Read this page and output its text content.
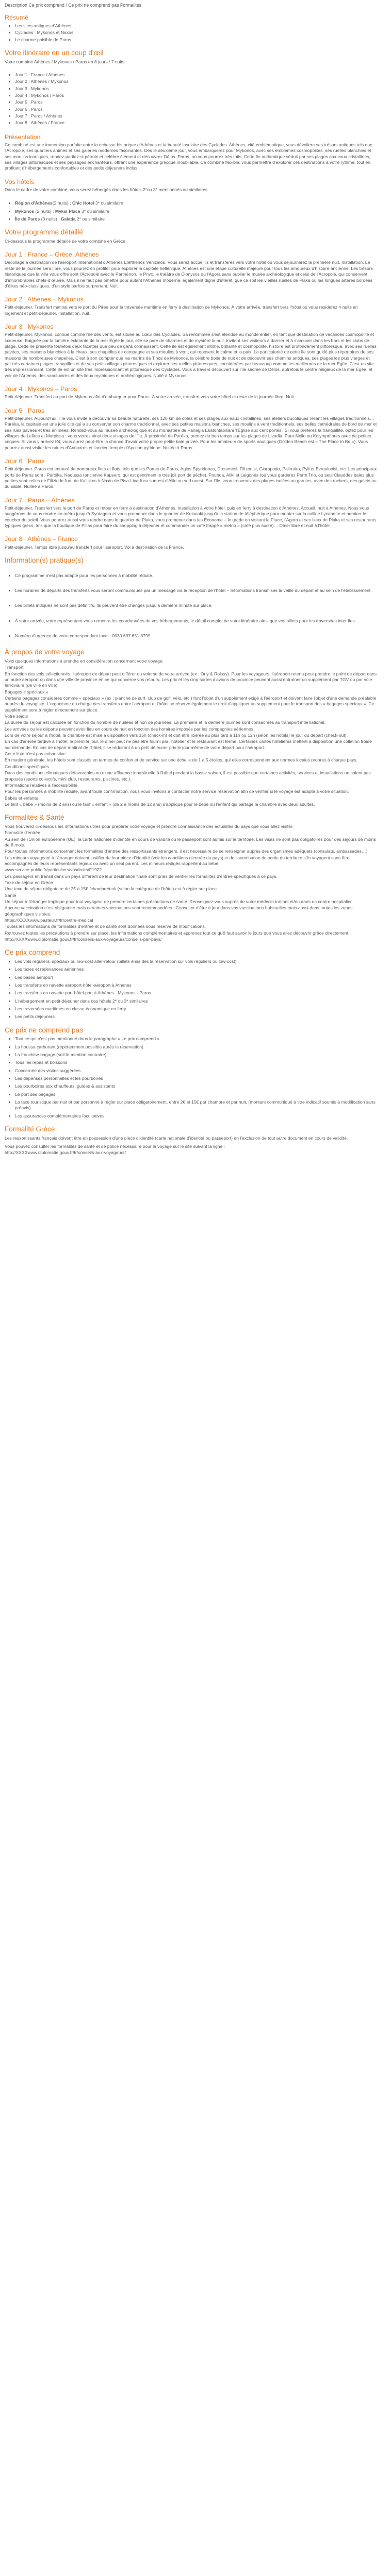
Description Ce prix comprend / Ce prix ne comprend pas Formalités
Résumé
• Les sites antiques d'Athènes
• Cyclades : Mykonos et Naxos
• Le charme paisible de Paros
Votre itinéraire en un coup d'œil

Votre combiné Athènes / Mykonos / Paros en 8 jours / 7 nuits :

• Jour 1 : France / Athènes
• Jour 2 : Athènes / Mykonos
• Jour 3 : Mykonos
• Jour 4 : Mykonos / Paros
• Jour 5 : Paros
• Jour 6 : Paros
• Jour 7 : Paros / Athènes
• Jour 8 : Athènes / France
Présentation

Ce combiné est une immersion parfaite entre la richesse historique d'Athènes et la beauté insulaire des Cyclades. Athènes, cité emblématique, vous dévoilera ses trésors antiques tels que l'Acropole, ses quartiers animés et ses galeries modernes fascinantes. Dès le deuxième jour, vous embarquerez pour Mykonos, avec ses emblèmes cosmopolites, ses ruelles blanchies et ses moulins iconiques, rendez-partiez-si pétrole et célébré élément et découvrez Délos. Paros, où vous pourrez très toits. Cette île authentique séduit par ses plages aux eaux cristallines, ses villages pittoresques et ses paysages enchanteurs, offrant une expérience grecque inoubliable. Ce combiné flexible, vous permettra d'explorer ces destinations à votre rythme, tout en profitant d'hébergements confortables et des petits déjeuners inclus.

Vos hôtels

Dans le cadre de votre combiné, vous serez hébergés dans les hôtels 2*ou 3* mentionnés au similaires.

• Région d'Athènes(2 nuits) : Chic Hotel 3* ou similaire
• Mykonos (2 nuits) : Mykis Place 3* ou similaire
• Île de Paros (3 nuits) : Galatia 2* ou similaire
Votre programme détaillé

Ci-dessous le programme détaillé de votre combiné en Grèce

Jour 1 : France – Grèce, Athènes

Décollage à destination de l'aéroport international d'Athènes Eleftherios Venizelos. Vous serez accueillis et transférés vers votre hôtel où vous séjournerez la première nuit. Installation. Le reste de la journée sera libre, vous pourrez en profiter pour explorer la capitale hellénique. Athènes est une étape culturelle majeure pour tous les amoureux d'histoire ancienne. Les trésors historiques que la ville vous offre sont l'Acropole avec le Parthénon, le Pnyx, le théâtre de Dionysos ou l'Agora sans oublier le musée archéologique et celui de l'Acropole, qui conservent d'innombrables chefs-d'œuvre. Mais il ne faut pas omettre pour autant l'Athènes moderne, également digne d'intérêt, que ce soit les vieilles ruelles de Plaka ou les longues artères bordées d'élites néo-classiques, d'un style parfois surprenant. Nuit.

Jour 2 : Athènes – Mykonos

Petit-déjeuner. Transfert matinal vers le port du Pirée pour la traversée maritime en ferry à destination de Mykonos. À votre arrivée, transfert vers l'hôtel où vous résiderez 4 nuits en logement et petit-déjeuner. Installation, nuit.

Jour 3 : Mykonos

Petit-déjeuner. Mykonos, connue comme l'île des vents, est située au cœur des Cyclades. Sa renommée s'est étendue au monde entier, en tant que destination de vacances cosmopolite et luxueuse. Baignée par la lumière éclatante de la mer Égée le jour, elle se pare de charmes et de mystère la nuit, invitant ses visiteurs à danser et à s'amuser dans les bars et les clubs de plage. Cette île présente toutefois deux facettes que peu de gens connaissent. Cette île est également intime, brillante et cosmopolite, histoire est profondément pittoresque, avec ses ruelles pavées, ses maisons blanchies à la chaux, ses chapelles de campagne et ses moulins à vent, qui reposent le calme et la paix. La particularité de cette île sont guidé plus répertoires de ses maisons de nombreuses chapelles. C'est à son compter que les marins de Tinos de Mykonos, la célèbre boite de nuit et de découvrir ses chemins antiques, ses plages les plus vierges et par très certaines plages tranquilles et de ses petits villages pittoresques et explorer ses ruelles pittoresques, considérées par beaucoup comme les meilleures de la mer Égée. C'est un site très impressionnant. Cette île est un site très impressionnant et pittoresque des Cyclades. Vous a travers découvert sur l'île sacrée de Délos, autrefois le centre religieux de la mer Égée, et voir de l'Artémis, des sanctuaires et des lieux mythiques et archéologiques. Nuité à Mykonos.

Jour 4 : Mykonos – Paros

Petit-déjeuner. Transfert au port de Mykonos afin d'embarquer pour Paros. À votre arrivée, transfert vers votre hôtel et reste de la journée libre. Nuit.

Jour 5 : Paros

Petit-déjeuner. Aujourd'hui, l'île vous invite à découvrir sa beauté naturelle, ses 120 km de côtes et ses plages aux eaux cristallines, ses ateliers bucoliques reliant les villages traditionnels… Paréka, la capitale est une jolie cité qui a su conserver son charme traditionnel, avec ses petites maisons blanches, ses moulins à vent traditionnels, ses belles cathédrales de bord de mer et ses rues pavées et très animées. Rendez-vous au musée archéologique et au monastère de Panagia Ekatontapiliani 'l'Église aux cent portes'. Si vous préférez la tranquillité, optez pour les villages de Lefkes et Marpissa : vous verrez ainsi deux visages de l'île. À proximité de Paréka, prenez du bon temps sur les plages de Livadia, Paro-Nelio ou Kolymprithres avec de petites criques. Si vous y arrivez tôt, vous aurez peut-être la chance d'avoir votre propre petite baie privée. Pour les amateurs de sports nautiques (Golden Beach est « The Place to Be »). Vous pourrez aussi visiter les ruines d'Antiparos et l'ancien temple d'Apollon pythique. Nuitée à Paros.

Jour 6 : Paros

Petit-déjeuner. Paros est entouré de nombreux îlots et îlots, tels que les Portes de Paros, Agios Spyridonas, Drosonesi, Filizonisi, Glaropodo, Palirrako, Pyli et Evroulonisi, etc. Les principaux ports de Paros sont : Paroika, Naoussa (ancienne Kapsoro, qui est gentiment le très joli port de pêche), Pounda, Aliki et Lalgonés (où vous garderez Perm Trio, ou seul Clauddes baies plus petites sont celles de Filizio-le-fort, de Kaliskos à Naxio de Pisa-Livadi au sud-est d'Aliki au sud ouest. Sur l'île, vous trouverez des plages isolées ou garnies, avec des rochers, des galets ou du sable. Nuitée à Paros.

Jour 7 : Paros – Athènes

Petit-déjeuner. Transfert vers le port de Paros et retour en ferry à destination d'Athènes. Installation à votre hôtel, puis en ferry à destination d'Athènes. Accueil, nuit à Athènes. Nous vous suggérons de vous rendre en métro jusqu'à Syntagma et vous promener dans le quartier de Kolonaki jusqu'à la station de téléphérique pour monter sur la colline Lycabette et admirer le coucher du soleil. Vous pourrez aussi vous rendre dans le quartier de Plaka, vous promener dans les Économe – le grade en visitant la Place, l'Agora et ses lieux de Plaka et ses restaurants typiques grecs, tels que la boutique de Pillas pour faire du shopping à déjeuner et commander un café frappé « metrio » (café plus sucré)… Dîner libre et nuit à l'hôtel.

Jour 8 : Athènes – France

Petit-déjeuner. Temps libre jusqu'au transfert pour l'aéroport. Vol à destination de la France.

Information(s) pratique(s)
• Ce programme n'est pas adapté pour les personnes à mobilité réduite.
• Les horaires de départs des transferts vous seront communiqués par un message via la réception de l'hôtel – Informations transmises la veille du départ et au sein de l'établissement.
• Les billets indiqués ne sont pas définitifs. Ils peuvent être changés jusqu'à dernière minute sur place.
• À votre arrivée, votre représentant vous remettra les coordonnées de vos hébergements, le détail complet de votre itinéraire ainsi que vos billets pour les traversées inter îles.
• Numéro d'urgence de votre correspondant local : 0030 697 651 8799
À propos de votre voyage

Voici quelques informations à prendre en considération concernant votre voyage.

Transport

En fonction des vols sélectionnés, l'aéroport de départ peut différer du volume de votre arrivée (ex : Orly & Roissy). Pour les voyageurs, l'aéroport retenu peut prendre le point de départ dans un autre aéroport ou dans une ville de province en ce qui concerne vos retours. Les prix et les cinq sortes d'avions de province peuvent aussi entraîner un supplément par TGV ou par voie ferroviaire (de ville en ville).

Bagages « spéciaux »

Certains bagages considérés comme « spéciaux » (ex : planche de surf, club de golf, vélo, etc.) font l'objet d'un supplément exigé à l'aéroport et doivent faire l'objet d'une demande préalable auprès du voyagiste. L'organisme en charge des transferts entre l'aéroport et l'hôtel se réserve également le droit d'appliquer un supplément pour le transport des « bagages spéciaux ». Ce supplément sera à régler directement sur place.

Votre séjour

La durée du séjour est calculée en fonction du nombre de nuitées et non de journées. La première et la dernière journée sont consacrées au transport international.

Les arrivées ou les départs peuvent avoir lieu en cours de nuit en fonction des horaires imposés par les compagnies aériennes.

Lors de votre séjour à l'hôtel, la chambre est mise à disposition vers 15h (check-in) et doit être libérée au plus tard à 11h ou 12h (selon les hôtels) le jour du départ (check-out).

En cas d'arrivée tardive à l'hôtel, le premier jour, le dîner peut ne pas être fourni par l'hôtelier et le restaurant est fermé. Certaines cartes hôtelières mettent à disposition une collation froide sur demande. En cas de départ matinal de l'hôtel, il se réduiront à un petit déjeuner pris le jour même de votre départ pour l'aéroport.

Cette liste n'est pas exhaustive.

En matière générale, les hôtels sont classés en termes de confort et de service sur une échelle de 1 à 5 étoiles, qui elles correspondent aux normes locales propres à chaque pays.

Conditions spécifiques

Dans des conditions climatiques défavorables ou d'une affluence inhabituelle à l'hôtel pendant la basse saison, il est possible que certaines activités, services et installations ne soient pas proposés (sports collectifs, mini club, restaurants, piscines, etc.).

Informations relatives à l'accessibilité

Pour les personnes à mobilité réduite, avant toute confirmation, nous vous invitons à contacter notre service réservation afin de vérifier si le voyage est adapté à votre situation.

Bébés et enfants

Le tarif « bébé » (moins de 2 ans) ou le tarif « enfant » (de 2 à moins de 12 ans) s'applique pour le bébé ou l'enfant qui partage la chambre avec deux adultes.

Formalités & Santé

Vous trouverez ci-dessous les informations utiles pour préparer votre voyage et prendre connaissance des actualités du pays que vous allez visiter.

Formalité d'entrée

Au sein de l'Union européenne (UE), la carte nationale d'identité en cours de validité ou le passeport sont admis sur le territoire. Les visas ne sont pas obligatoires pour des séjours de moins de 6 mois.

Pour toutes informations concernant les formalités d'entrée des ressortissants étrangers, il est nécessaire de se renseigner auprès des organismes adéquats (consulats, ambassades…).

Les mineurs voyageant à l'étranger doivent justifier de leur pièce d'identité (voir les conditions d'entrée du pays) et de l'autorisation de sortie du territoire s'ils voyagent sans être accompagnés de leurs représentants légaux ou avec un seul parent. Les mineurs rédigés rappellent au bébé.

www.service-public.fr/particuliers/vosdroits/F1922

Les passagers en transit dans un pays différent de leur destination finale sont priés de vérifier les formalités d'entrée spécifiques à ce pays.

Taxe de séjour en Grèce

Une taxe de séjour obligatoire de 2€ à 15€ /chambre/nuit (selon la catégorie de l'hôtel) est à régler sur place.

Santé

Un séjour à l'étranger implique pour tout voyageur de prendre certaines précautions de santé. Renseignez-vous auprès de votre médecin traitant et/ou dans un centre hospitalier.

Aucune vaccination n'est obligatoire mais certaines vaccinations sont recommandées : Consulter d'être à jour dans vos vaccinations habituelles mais aussi dans toutes les zones géographiques visitées.

https://XXXXwww.pasteur.fr/fr/centre-medical

Toutes les informations de formalités d'entrée et de santé sont données sous réserve de modifications.

Retrouvez toutes les précautions à prendre sur place, les informations complémentaires et apprenez tout ce qu'il faut savoir le jours que vous allez découvrir grâce directement.

http://XXXXwww.diplomatie.gouv.fr/fr/conseils-aux-voyageurs/conseils-par-pays/

Ce prix comprend
• Les vols réguliers, spéciaux ou low-cost aller-retour (billets émis dès la réservation sur vols réguliers ou low-cost)
• Les taxes et redevances aériennes
• Les bases aéroport
• Les transferts en navette aéroport-hôtel-aéroport à Athènes
• Les transferts en navette port-hôtel-port à Athènes - Mykonos - Paros
• L'hébergement en petit-déjeuner dans des hôtels 2* ou 3* similaires
• Les traversées maritimes en classe économique en ferry
• Les petits déjeuners
Ce prix ne comprend pas
• Tout ce qui n'est pas mentionné dans le paragraphe « Le prix comprend »
• La houssa carburant (répétamment possible après la réservation)
• La franchise bagage (soit le mention contraire)
• Tous les repas et boissons
• Concernée des visites suggérées
• Les dépenses personnelles et les pourboires
• Les pourboires aux chauffeurs, guides & assistants
• Le port des bagages
• La taxe touristique par nuit et par personne à régler sur place obligatoirement, entre 2€ et 15€ par chambre et par nuit, (montant communiqué à titre indicatif soumis à modification sans préavis)
• Les assurances complémentaires facultatives
Formalité Grèce

Les ressortissants français doivent être en possession d'une pièce d'identité (carte nationale d'identité ou passeport) en l'exclusion de tout autre document en cours de validité.

Vous pouvez consulter les formalités de santé et de police nécessaire pour le voyage sur le site suivant la ligne :

http://XXXXwww.diplomatie.gouv.fr/fr/conseils-aux-voyageurs/
